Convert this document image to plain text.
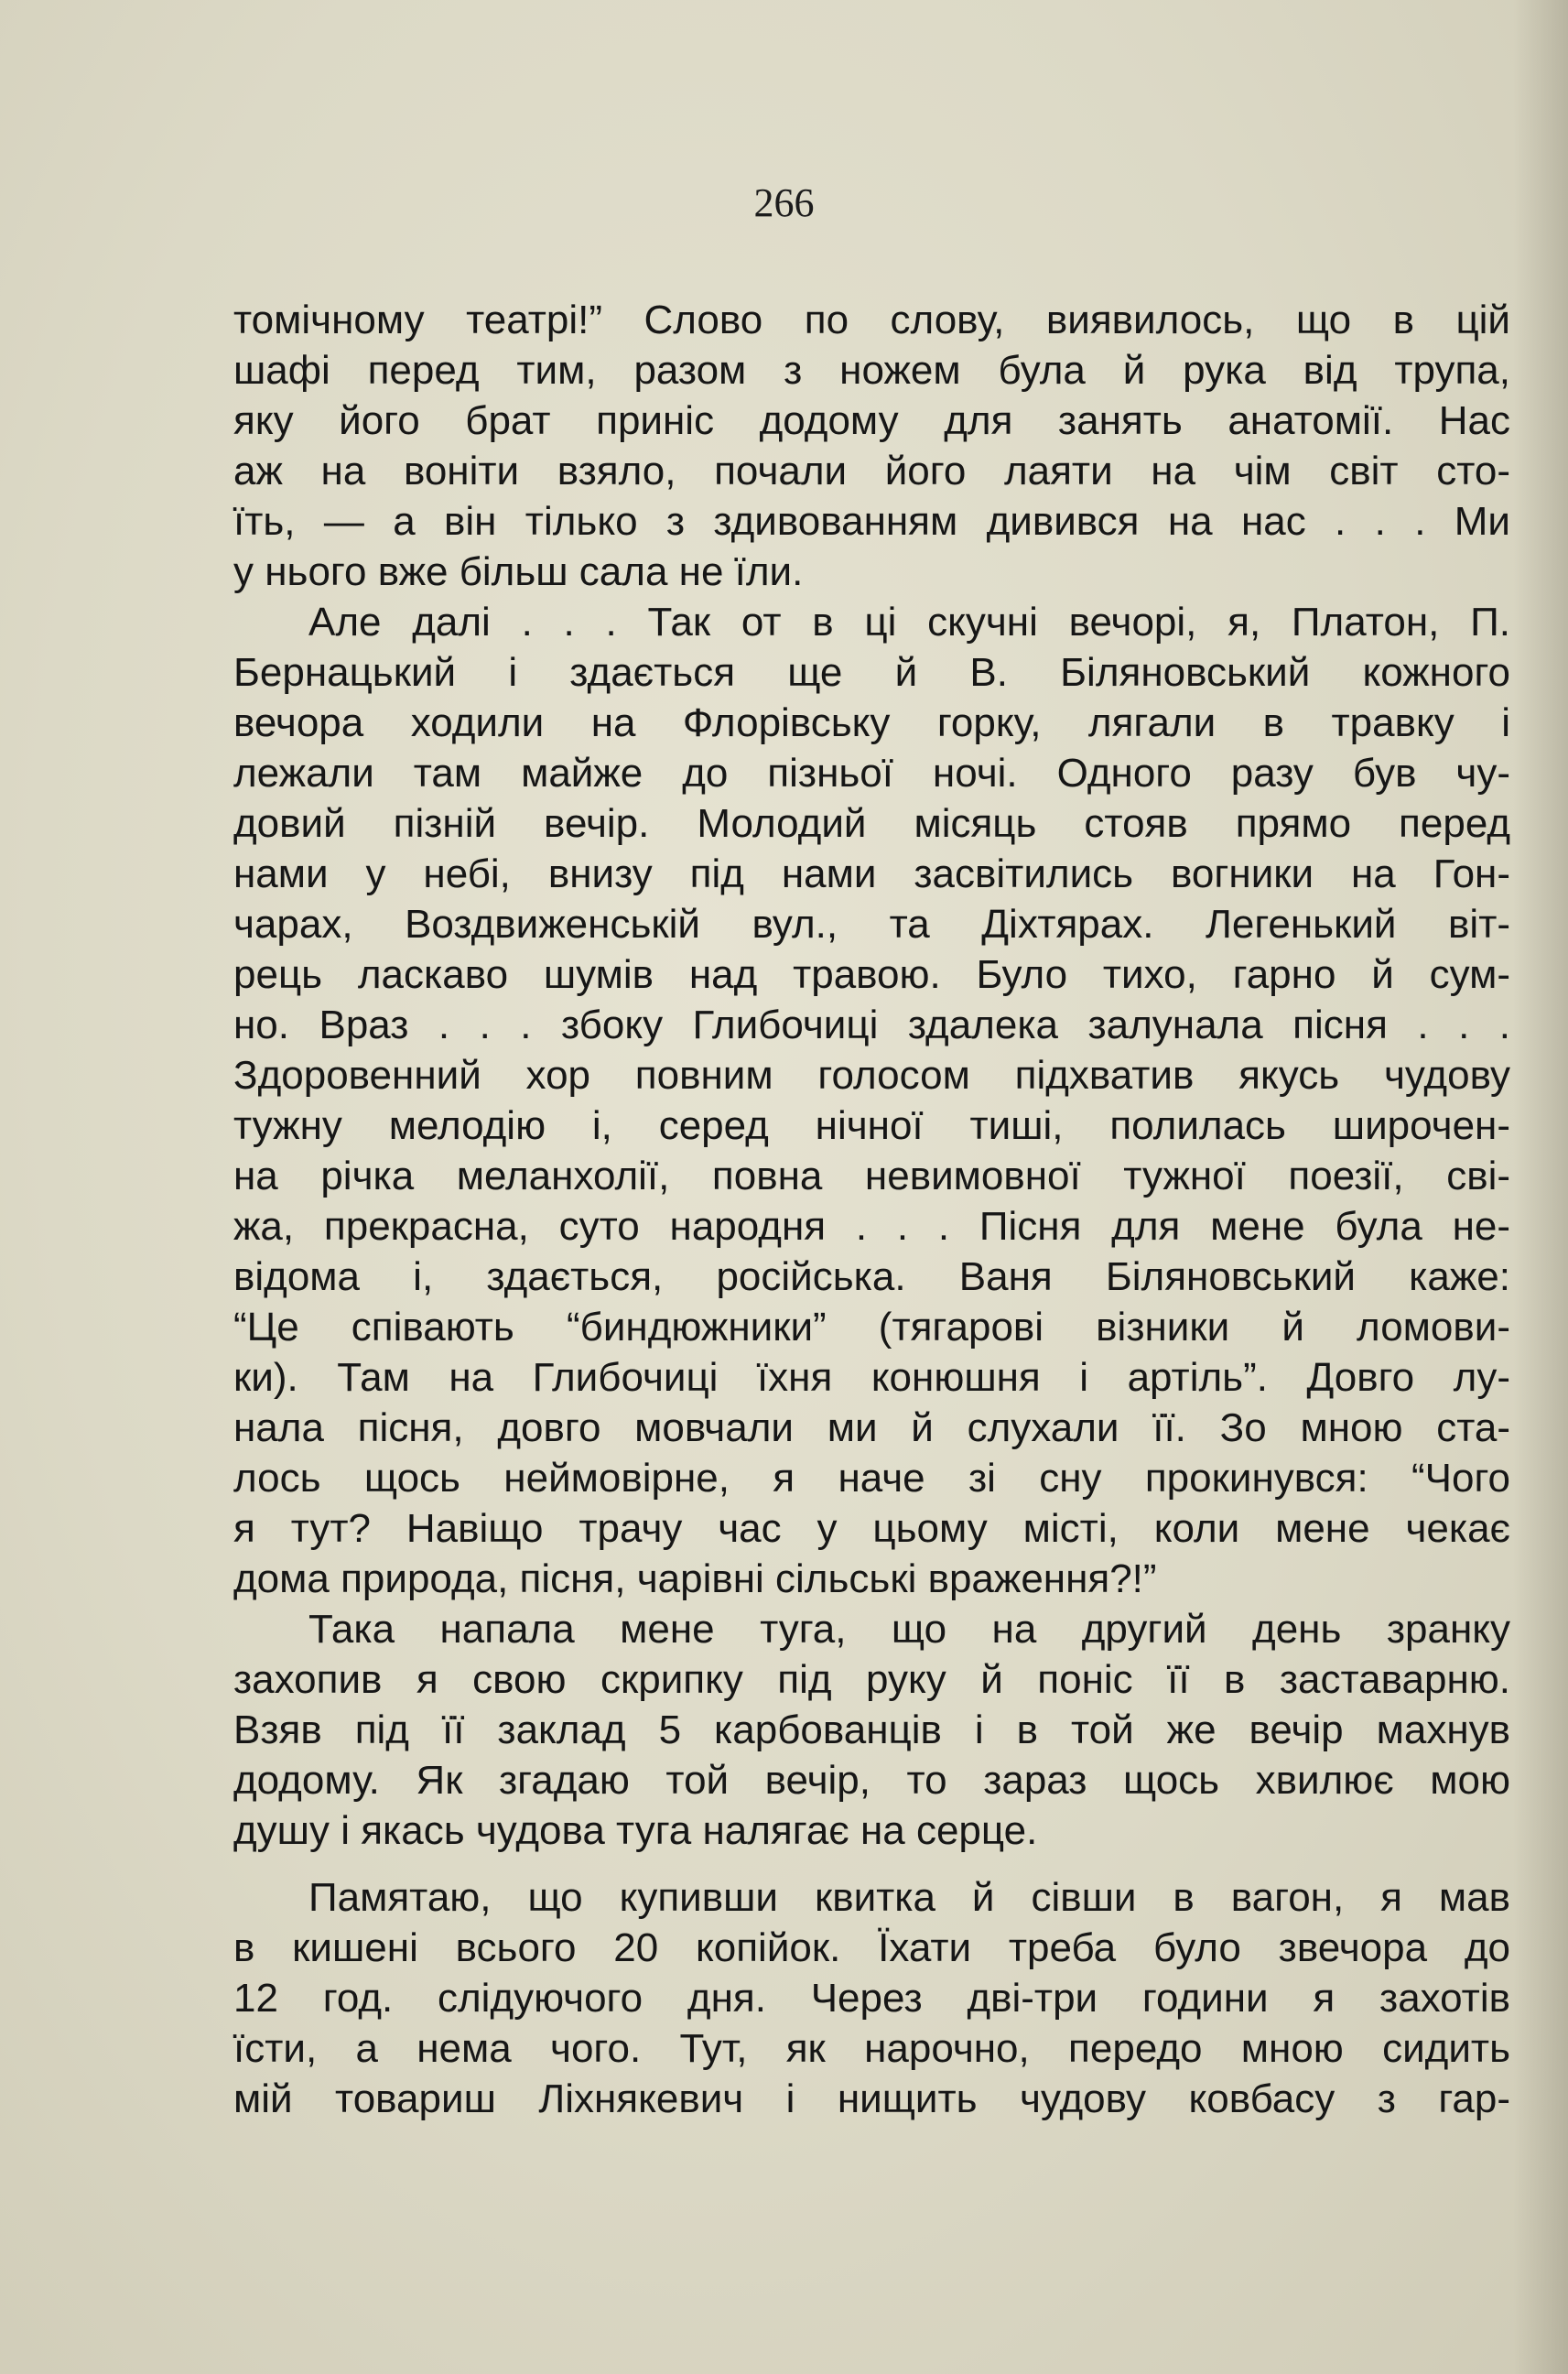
266

томічному театрі!” Слово по слову, виявилось, що в цій
шафі перед тим, разом з ножем була й рука від трупа,
яку його брат приніс додому для занять анатомії. Нас
аж на воніти взяло, почали його лаяти на чім світ сто-
їть, — а він тілько з здивованням дивився на нас . . . Ми
у нього вже більш сала не їли.
Але далі . . . Так от в ці скучні вечорі, я, Платон, П.
Бернацький і здається ще й В. Біляновський кожного
вечора ходили на Флорівську горку, лягали в травку і
лежали там майже до пізньої ночі. Одного разу був чу-
довий пізній вечір. Молодий місяць стояв прямо перед
нами у небі, внизу під нами засвітились вогники на Гон-
чарах, Воздвиженській вул., та Діхтярах. Легенький віт-
рець ласкаво шумів над травою. Було тихо, гарно й сум-
но. Враз . . . збоку Глибочиці здалека залунала пісня . . .
Здоровенний хор повним голосом підхватив якусь чудову
тужну мелодію і, серед нічної тиші, полилась широчен-
на річка меланхолії, повна невимовної тужної поезії, сві-
жа, прекрасна, суто народня . . . Пісня для мене була не-
відома і, здається, російська. Ваня Біляновський каже:
“Це співають “биндюжники” (тягарові візники й ломови-
ки). Там на Глибочиці їхня конюшня і артіль”. Довго лу-
нала пісня, довго мовчали ми й слухали її. Зо мною ста-
лось щось неймовірне, я наче зі сну прокинувся: “Чого
я тут? Навіщо трачу час у цьому місті, коли мене чекає
дома природа, пісня, чарівні сільські враження?!”
Така напала мене туга, що на другий день зранку
захопив я свою скрипку під руку й поніс її в заставарню.
Взяв під її заклад 5 карбованців і в той же вечір махнув
додому. Як згадаю той вечір, то зараз щось хвилює мою
душу і якась чудова туга налягає на серце.
Памятаю, що купивши квитка й сівши в вагон, я мав
в кишені всього 20 копійок. Їхати треба було звечора до
12 год. слідуючого дня. Через дві-три години я захотів
їсти, а нема чого. Тут, як нарочно, передо мною сидить
мій товариш Ліхнякевич і нищить чудову ковбасу з гар-
